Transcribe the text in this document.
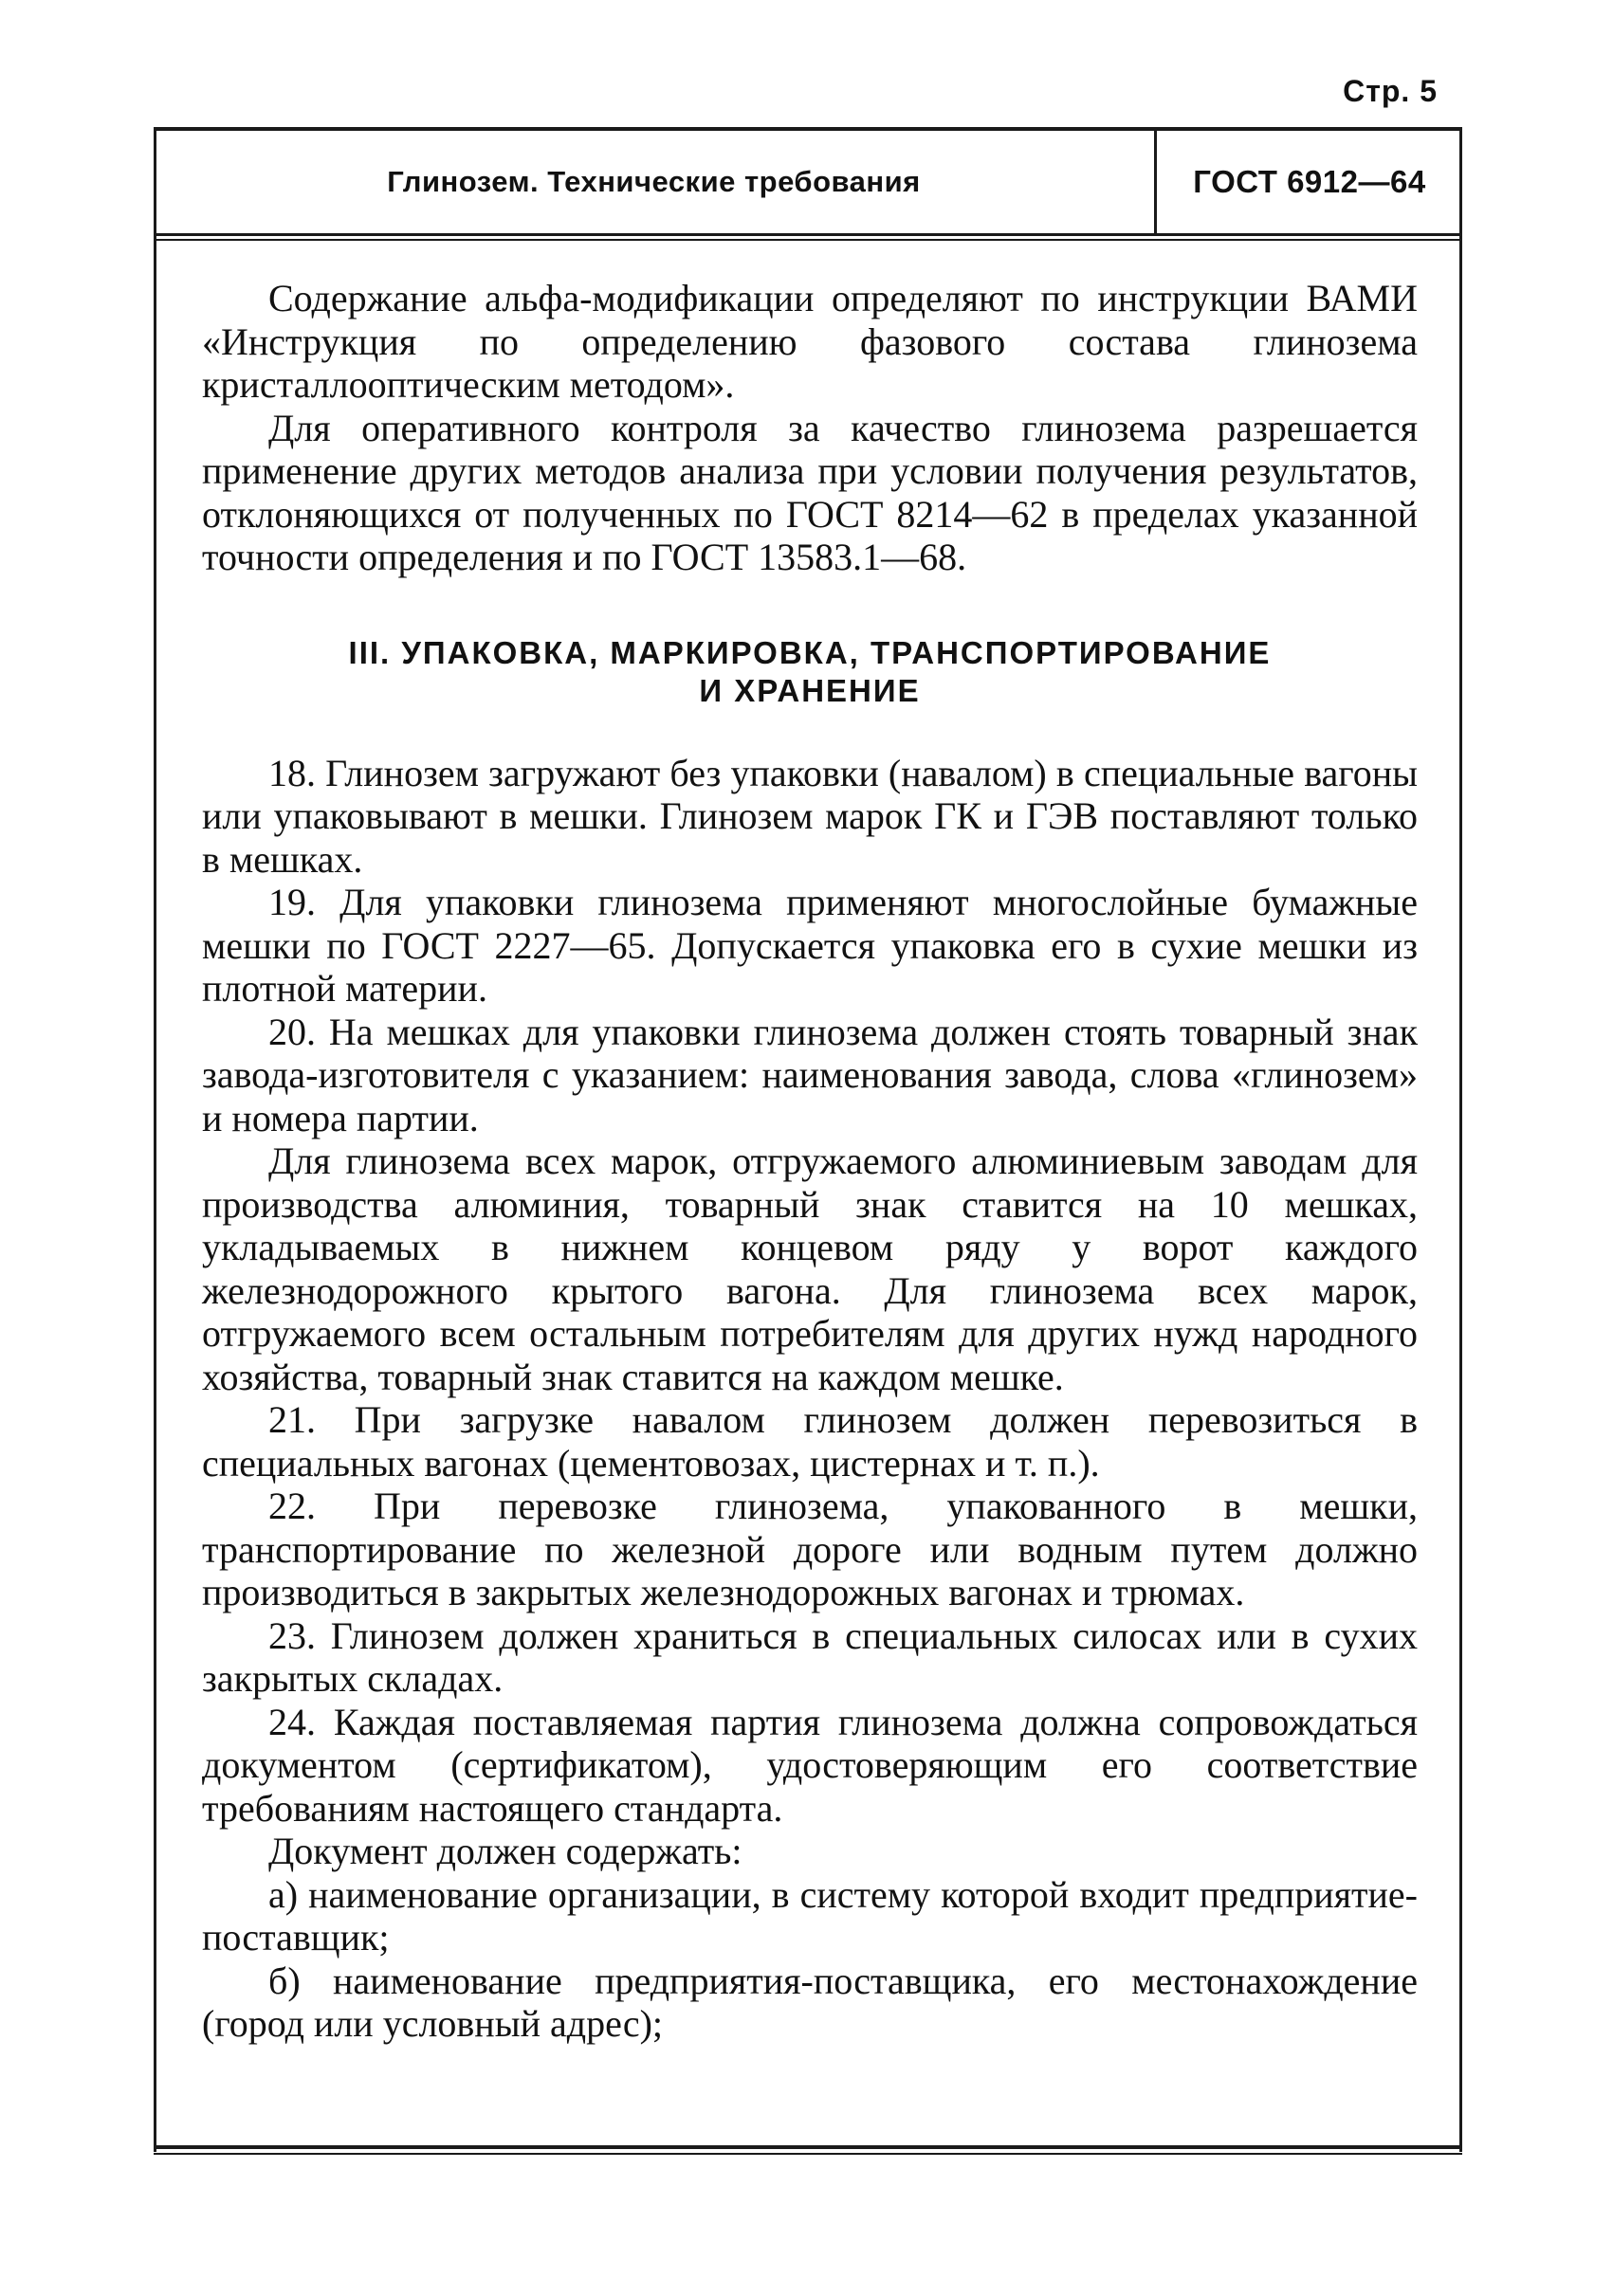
Стр. 5
Глинозем. Технические требования	ГОСТ 6912—64

Содержание альфа-модификации определяют по инструкции ВАМИ «Инструкция по определению фазового состава глинозема кристаллооптическим методом».

Для оперативного контроля за качество глинозема разрешается применение других методов анализа при условии получения результатов, отклоняющихся от полученных по ГОСТ 8214—62 в пределах указанной точности определения и по ГОСТ 13583.1—68.

III. УПАКОВКА, МАРКИРОВКА, ТРАНСПОРТИРОВАНИЕ
И ХРАНЕНИЕ

18. Глинозем загружают без упаковки (навалом) в специальные вагоны или упаковывают в мешки. Глинозем марок ГК и ГЭВ поставляют только в мешках.

19. Для упаковки глинозема применяют многослойные бумажные мешки по ГОСТ 2227—65. Допускается упаковка его в сухие мешки из плотной материи.

20. На мешках для упаковки глинозема должен стоять товарный знак завода-изготовителя с указанием: наименования завода, слова «глинозем» и номера партии.

Для глинозема всех марок, отгружаемого алюминиевым заводам для производства алюминия, товарный знак ставится на 10 мешках, укладываемых в нижнем концевом ряду у ворот каждого железнодорожного крытого вагона. Для глинозема всех марок, отгружаемого всем остальным потребителям для других нужд народного хозяйства, товарный знак ставится на каждом мешке.

21. При загрузке навалом глинозем должен перевозиться в специальных вагонах (цементовозах, цистернах и т. п.).

22. При перевозке глинозема, упакованного в мешки, транспортирование по железной дороге или водным путем должно производиться в закрытых железнодорожных вагонах и трюмах.

23. Глинозем должен храниться в специальных силосах или в сухих закрытых складах.

24. Каждая поставляемая партия глинозема должна сопровождаться документом (сертификатом), удостоверяющим его соответствие требованиям настоящего стандарта.

Документ должен содержать:

а) наименование организации, в систему которой входит предприятие-поставщик;

б) наименование предприятия-поставщика, его местонахождение (город или условный адрес);
